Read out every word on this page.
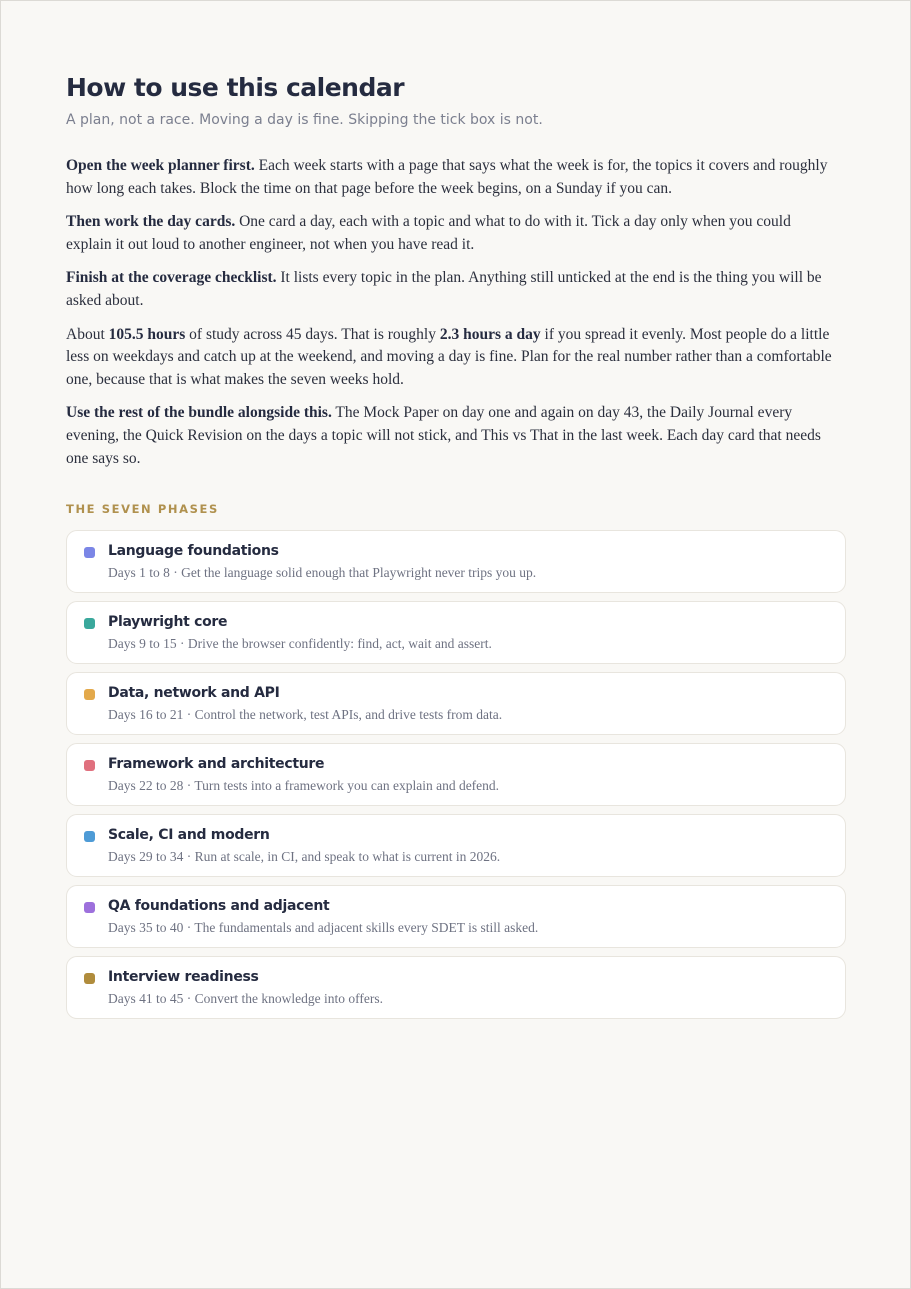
How to use this calendar
A plan, not a race. Moving a day is fine. Skipping the tick box is not.

Open the week planner first. Each week starts with a page that says what the week is for, the topics it covers and roughly how long each takes. Block the time on that page before the week begins, on a Sunday if you can.

Then work the day cards. One card a day, each with a topic and what to do with it. Tick a day only when you could explain it out loud to another engineer, not when you have read it.

Finish at the coverage checklist. It lists every topic in the plan. Anything still unticked at the end is the thing you will be asked about.

About 105.5 hours of study across 45 days. That is roughly 2.3 hours a day if you spread it evenly. Most people do a little less on weekdays and catch up at the weekend, and moving a day is fine. Plan for the real number rather than a comfortable one, because that is what makes the seven weeks hold.

Use the rest of the bundle alongside this. The Mock Paper on day one and again on day 43, the Daily Journal every evening, the Quick Revision on the days a topic will not stick, and This vs That in the last week. Each day card that needs one says so.

THE SEVEN PHASES
Language foundations
Days 1 to 8 · Get the language solid enough that Playwright never trips you up.
Playwright core
Days 9 to 15 · Drive the browser confidently: find, act, wait and assert.
Data, network and API
Days 16 to 21 · Control the network, test APIs, and drive tests from data.
Framework and architecture
Days 22 to 28 · Turn tests into a framework you can explain and defend.
Scale, CI and modern
Days 29 to 34 · Run at scale, in CI, and speak to what is current in 2026.
QA foundations and adjacent
Days 35 to 40 · The fundamentals and adjacent skills every SDET is still asked.
Interview readiness
Days 41 to 45 · Convert the knowledge into offers.
